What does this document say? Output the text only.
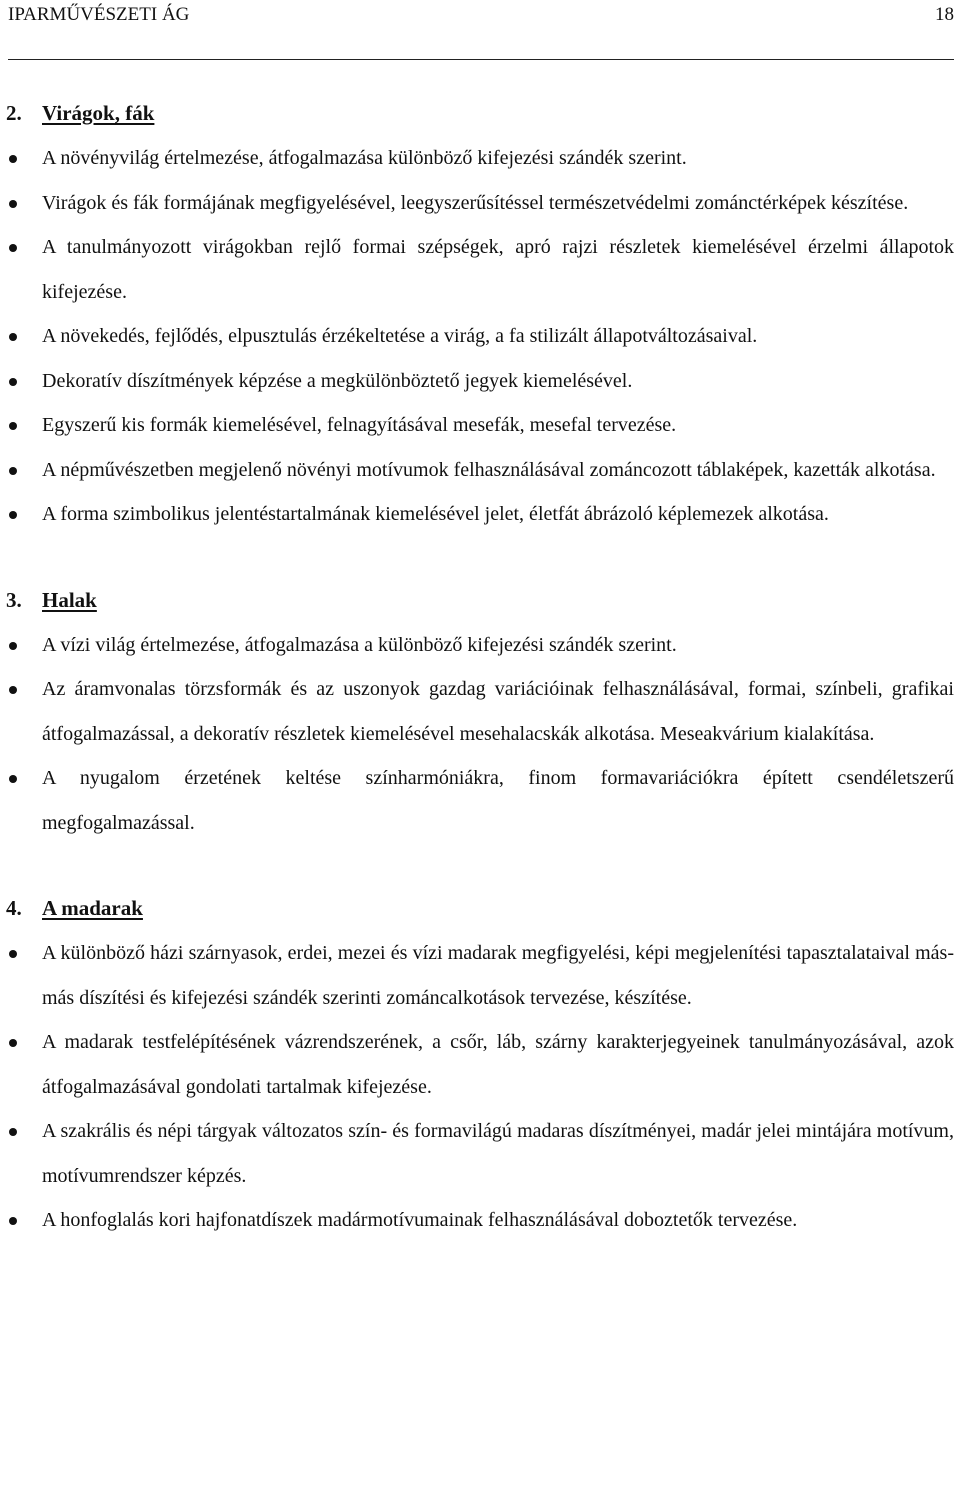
IPARMŰVÉSZETI ÁG	18
2. Virágok, fák
A növényvilág értelmezése, átfogalmazása különböző kifejezési szándék szerint.
Virágok és fák formájának megfigyelésével, leegyszerűsítéssel természetvédelmi zománctérképek készítése.
A tanulmányozott virágokban rejlő formai szépségek, apró rajzi részletek kiemelésével érzelmi állapotok kifejezése.
A növekedés, fejlődés, elpusztulás érzékeltetése a virág, a fa stilizált állapotváltozásaival.
Dekoratív díszítmények képzése a megkülönböztető jegyek kiemelésével.
Egyszerű kis formák kiemelésével, felnagyításával mesefák, mesefal tervezése.
A népművészetben megjelenő növényi motívumok felhasználásával zománcozott táblaképek, kazetták alkotása.
A forma szimbolikus jelentéstartalmának kiemelésével jelet, életfát ábrázoló képlemezek alkotása.
3. Halak
A vízi világ értelmezése, átfogalmazása a különböző kifejezési szándék szerint.
Az áramvonalas törzsformák és az uszonyok gazdag variációinak felhasználásával, formai, színbeli, grafikai átfogalmazással, a dekoratív részletek kiemelésével mesehalacskák alkotása. Meseakvárium kialakítása.
A nyugalom érzetének keltése színharmóniákra, finom formavariációkra épített csendéletszerű megfogalmazással.
4. A madarak
A különböző házi szárnyasok, erdei, mezei és vízi madarak megfigyelési, képi megjelenítési tapasztalataival más-más díszítési és kifejezési szándék szerinti zománcalkotások tervezése, készítése.
A madarak testfelépítésének vázrendszerének, a csőr, láb, szárny karakterjegyeinek tanulmányozásával, azok átfogalmazásával gondolati tartalmak kifejezése.
A szakrális és népi tárgyak változatos szín- és formavilágú madaras díszítményei, madár jelei mintájára motívum, motívumrendszer képzés.
A honfoglalás kori hajfonatdíszek madármotívumainak felhasználásával doboztetők tervezése.
